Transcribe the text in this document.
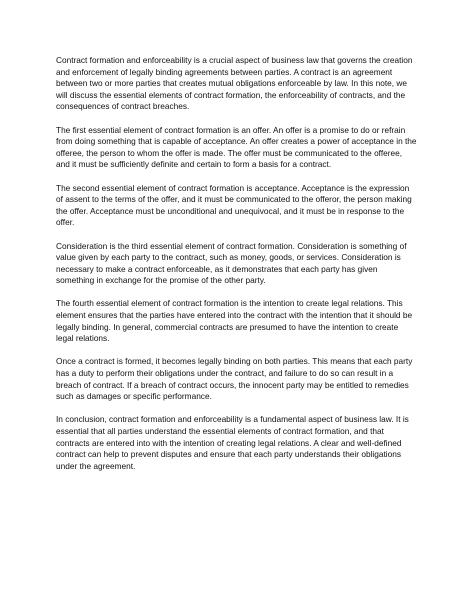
Contract formation and enforceability is a crucial aspect of business law that governs the creation and enforcement of legally binding agreements between parties. A contract is an agreement between two or more parties that creates mutual obligations enforceable by law. In this note, we will discuss the essential elements of contract formation, the enforceability of contracts, and the consequences of contract breaches.

The first essential element of contract formation is an offer. An offer is a promise to do or refrain from doing something that is capable of acceptance. An offer creates a power of acceptance in the offeree, the person to whom the offer is made. The offer must be communicated to the offeree, and it must be sufficiently definite and certain to form a basis for a contract.

The second essential element of contract formation is acceptance. Acceptance is the expression of assent to the terms of the offer, and it must be communicated to the offeror, the person making the offer. Acceptance must be unconditional and unequivocal, and it must be in response to the offer.

Consideration is the third essential element of contract formation. Consideration is something of value given by each party to the contract, such as money, goods, or services. Consideration is necessary to make a contract enforceable, as it demonstrates that each party has given something in exchange for the promise of the other party.

The fourth essential element of contract formation is the intention to create legal relations. This element ensures that the parties have entered into the contract with the intention that it should be legally binding. In general, commercial contracts are presumed to have the intention to create legal relations.

Once a contract is formed, it becomes legally binding on both parties. This means that each party has a duty to perform their obligations under the contract, and failure to do so can result in a breach of contract. If a breach of contract occurs, the innocent party may be entitled to remedies such as damages or specific performance.

In conclusion, contract formation and enforceability is a fundamental aspect of business law. It is essential that all parties understand the essential elements of contract formation, and that contracts are entered into with the intention of creating legal relations. A clear and well-defined contract can help to prevent disputes and ensure that each party understands their obligations under the agreement.
